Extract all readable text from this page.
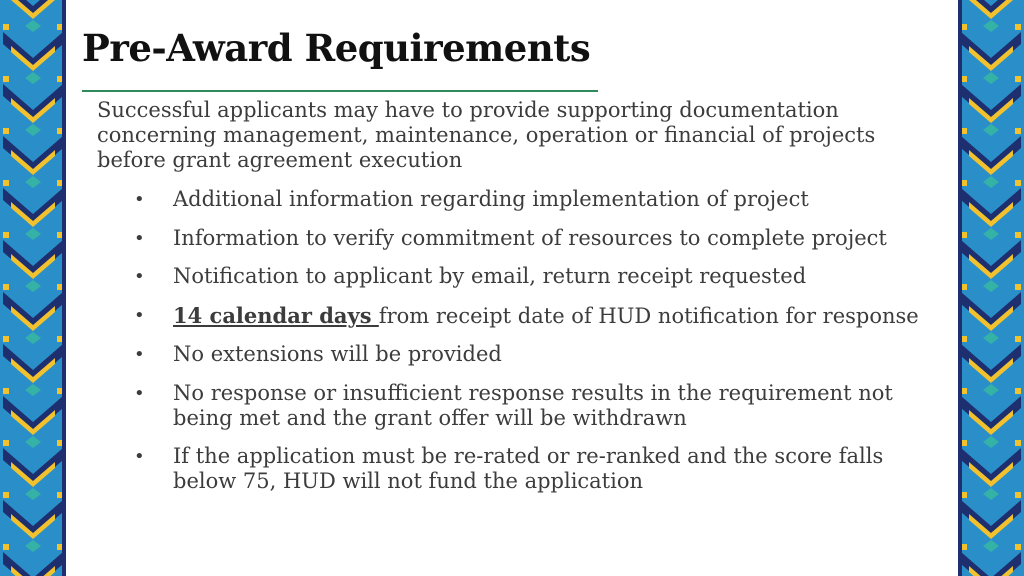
Pre-Award Requirements

Successful applicants may have to provide supporting documentation concerning management, maintenance, operation or financial of projects before grant agreement execution

• Additional information regarding implementation of project
• Information to verify commitment of resources to complete project
• Notification to applicant by email, return receipt requested
• 14 calendar days from receipt date of HUD notification for response
• No extensions will be provided
• No response or insufficient response results in the requirement not being met and the grant offer will be withdrawn
• If the application must be re-rated or re-ranked and the score falls below 75, HUD will not fund the application
